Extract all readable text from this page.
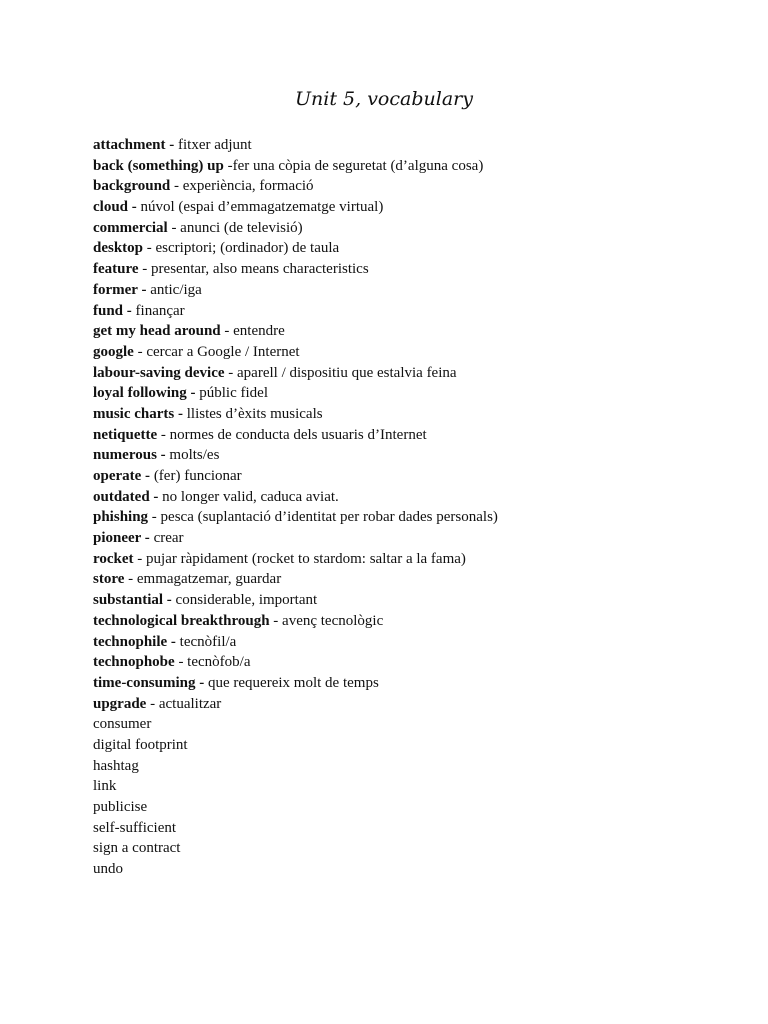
Unit 5, vocabulary
attachment - fitxer adjunt
back (something) up -fer una còpia de seguretat (d’alguna cosa)
background - experiència, formació
cloud - núvol (espai d’emmagatzematge virtual)
commercial - anunci (de televisió)
desktop - escriptori; (ordinador) de taula
feature - presentar, also means characteristics
former - antic/iga
fund - finançar
get my head around - entendre
google - cercar a Google / Internet
labour-saving device - aparell / dispositiu que estalvia feina
loyal following - públic fidel
music charts - llistes d’èxits musicals
netiquette - normes de conducta dels usuaris d’Internet
numerous - molts/es
operate - (fer) funcionar
outdated - no longer valid, caduca aviat.
phishing - pesca (suplantació d’identitat per robar dades personals)
pioneer - crear
rocket - pujar ràpidament (rocket to stardom: saltar a la fama)
store - emmagatzemar, guardar
substantial - considerable, important
technological breakthrough - avenç tecnològic
technophile - tecnòfil/a
technophobe - tecnòfob/a
time-consuming - que requereix molt de temps
upgrade - actualitzar
consumer
digital footprint
hashtag
link
publicise
self-sufficient
sign a contract
undo
